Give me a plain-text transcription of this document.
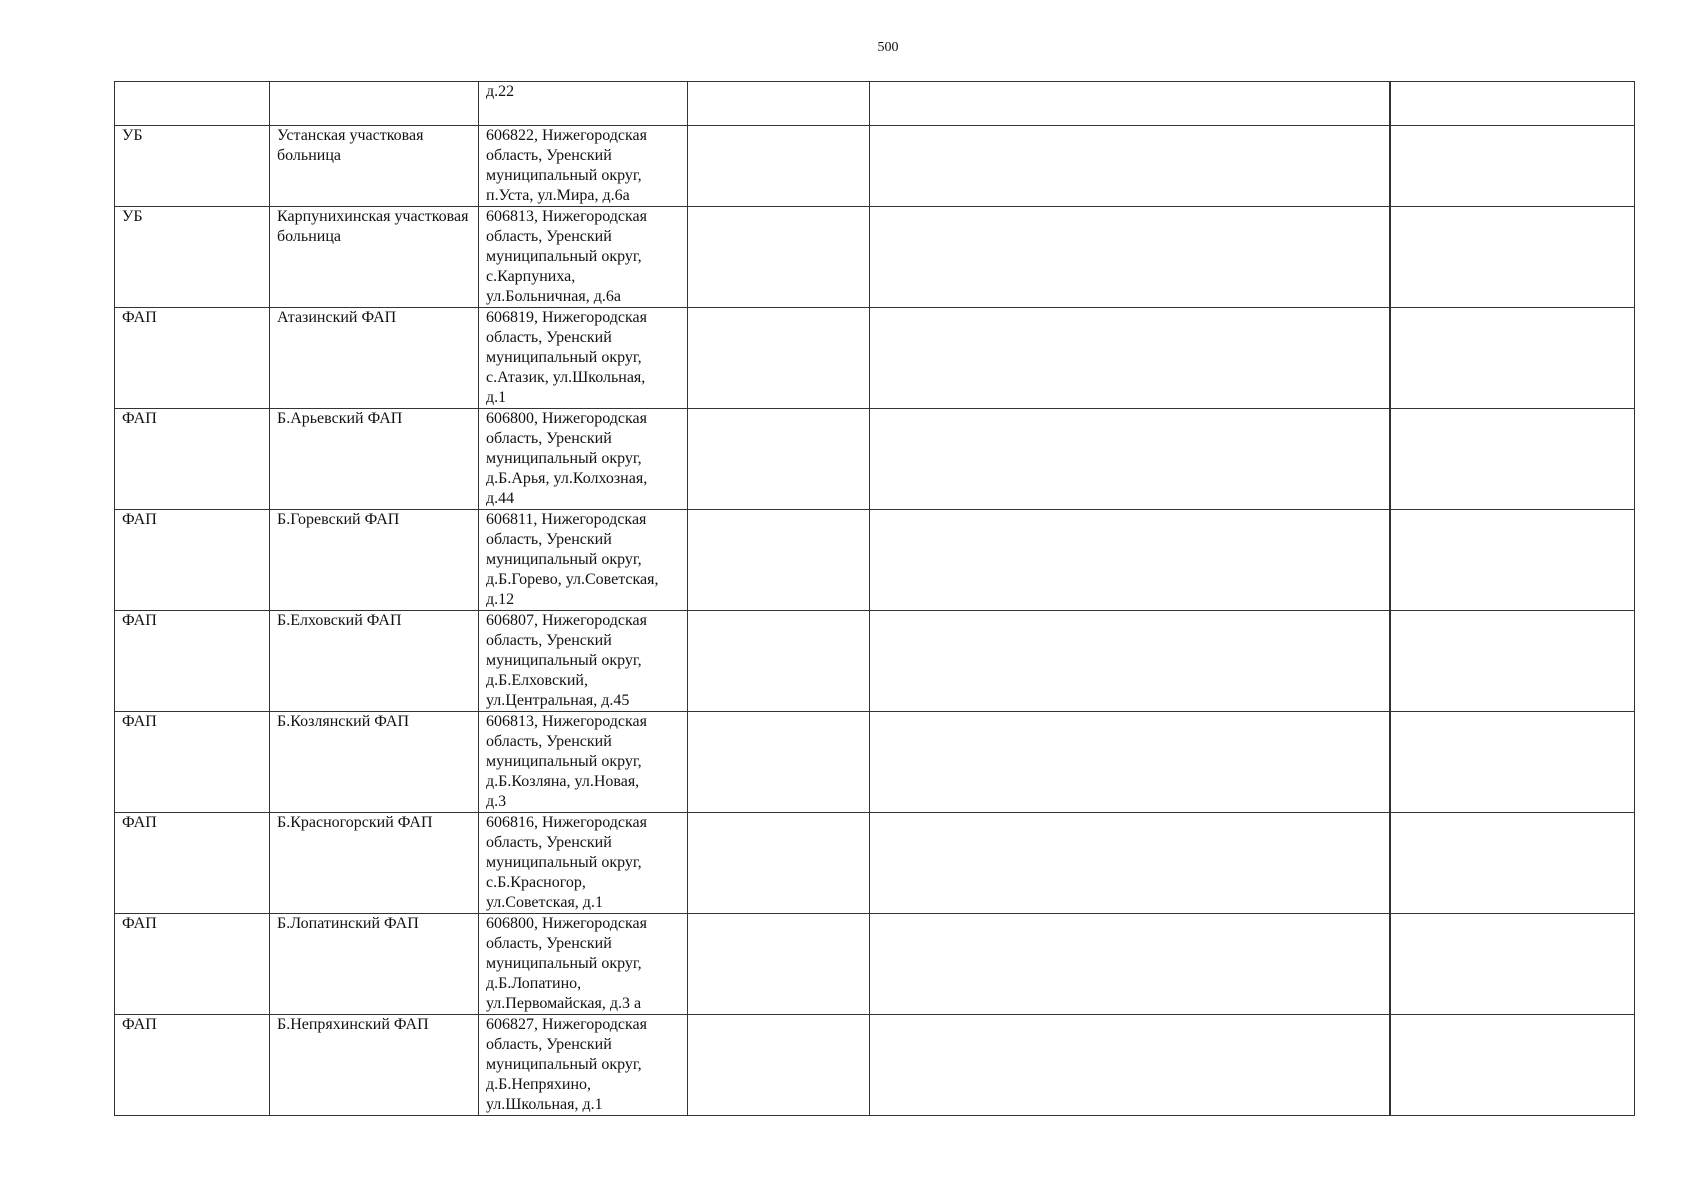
500
		д.22			
УБ	Устанская участковая больница	606822, Нижегородская
область, Уренский
муниципальный округ,
п.Уста, ул.Мира, д.6а			
УБ	Карпунихинская участковая больница	606813, Нижегородская
область, Уренский
муниципальный округ,
с.Карпуниха,
ул.Больничная, д.6а			
ФАП	Атазинский ФАП	606819, Нижегородская
область, Уренский
муниципальный округ,
с.Атазик, ул.Школьная,
д.1			
ФАП	Б.Арьевский ФАП	606800, Нижегородская
область, Уренский
муниципальный округ,
д.Б.Арья, ул.Колхозная,
д.44			
ФАП	Б.Горевский ФАП	606811, Нижегородская
область, Уренский
муниципальный округ,
д.Б.Горево, ул.Советская,
д.12			
ФАП	Б.Елховский ФАП	606807, Нижегородская
область, Уренский
муниципальный округ,
д.Б.Елховский,
ул.Центральная, д.45			
ФАП	Б.Козлянский ФАП	606813, Нижегородская
область, Уренский
муниципальный округ,
д.Б.Козляна, ул.Новая,
д.3			
ФАП	Б.Красногорский ФАП	606816, Нижегородская
область, Уренский
муниципальный округ,
с.Б.Красногор,
ул.Советская, д.1			
ФАП	Б.Лопатинский ФАП	606800, Нижегородская
область, Уренский
муниципальный округ,
д.Б.Лопатино,
ул.Первомайская, д.3 а			
ФАП	Б.Непряхинский ФАП	606827, Нижегородская
область, Уренский
муниципальный округ,
д.Б.Непряхино,
ул.Школьная, д.1			
